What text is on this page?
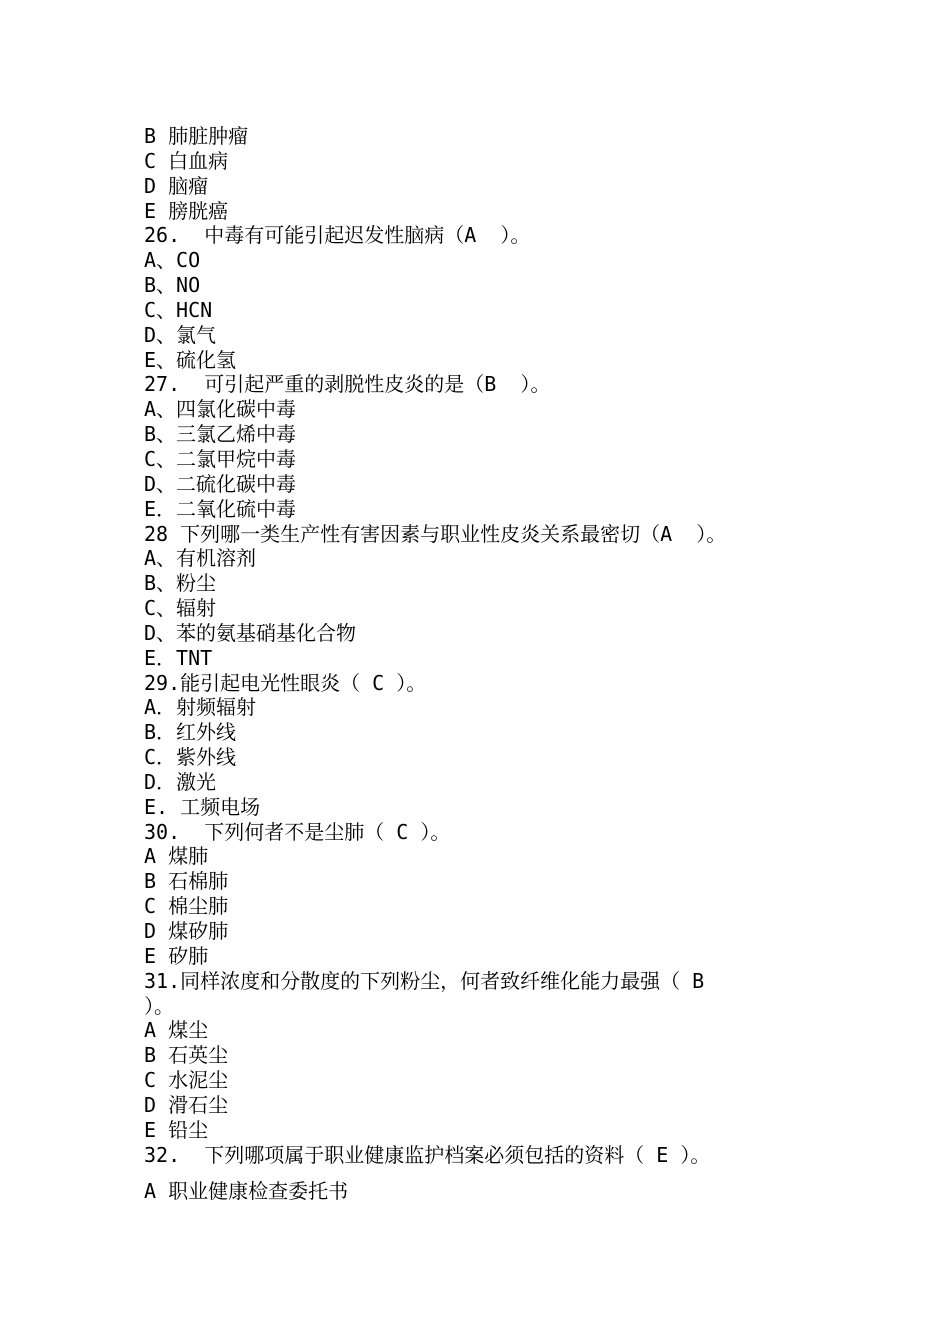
B 肺脏肿瘤
C 白血病
D 脑瘤
E 膀胱癌
26.  中毒有可能引起迟发性脑病（A  ）。
A、CO
B、NO
C、HCN
D、氯气
E、硫化氢
27.  可引起严重的剥脱性皮炎的是（B  ）。
A、四氯化碳中毒
B、三氯乙烯中毒
C、二氯甲烷中毒
D、二硫化碳中毒
E．二氧化硫中毒
28 下列哪一类生产性有害因素与职业性皮炎关系最密切（A  ）。
A、有机溶剂
B、粉尘
C、辐射
D、苯的氨基硝基化合物
E．TNT
29.能引起电光性眼炎（ C ）。
A．射频辐射
B．红外线
C．紫外线
D．激光
E. 工频电场
30.  下列何者不是尘肺（ C ）。
A 煤肺
B 石棉肺
C 棉尘肺
D 煤矽肺
E 矽肺
31.同样浓度和分散度的下列粉尘，何者致纤维化能力最强（ B
）。
A 煤尘
B 石英尘
C 水泥尘
D 滑石尘
E 铅尘
32.  下列哪项属于职业健康监护档案必须包括的资料（ E ）。
A 职业健康检查委托书
